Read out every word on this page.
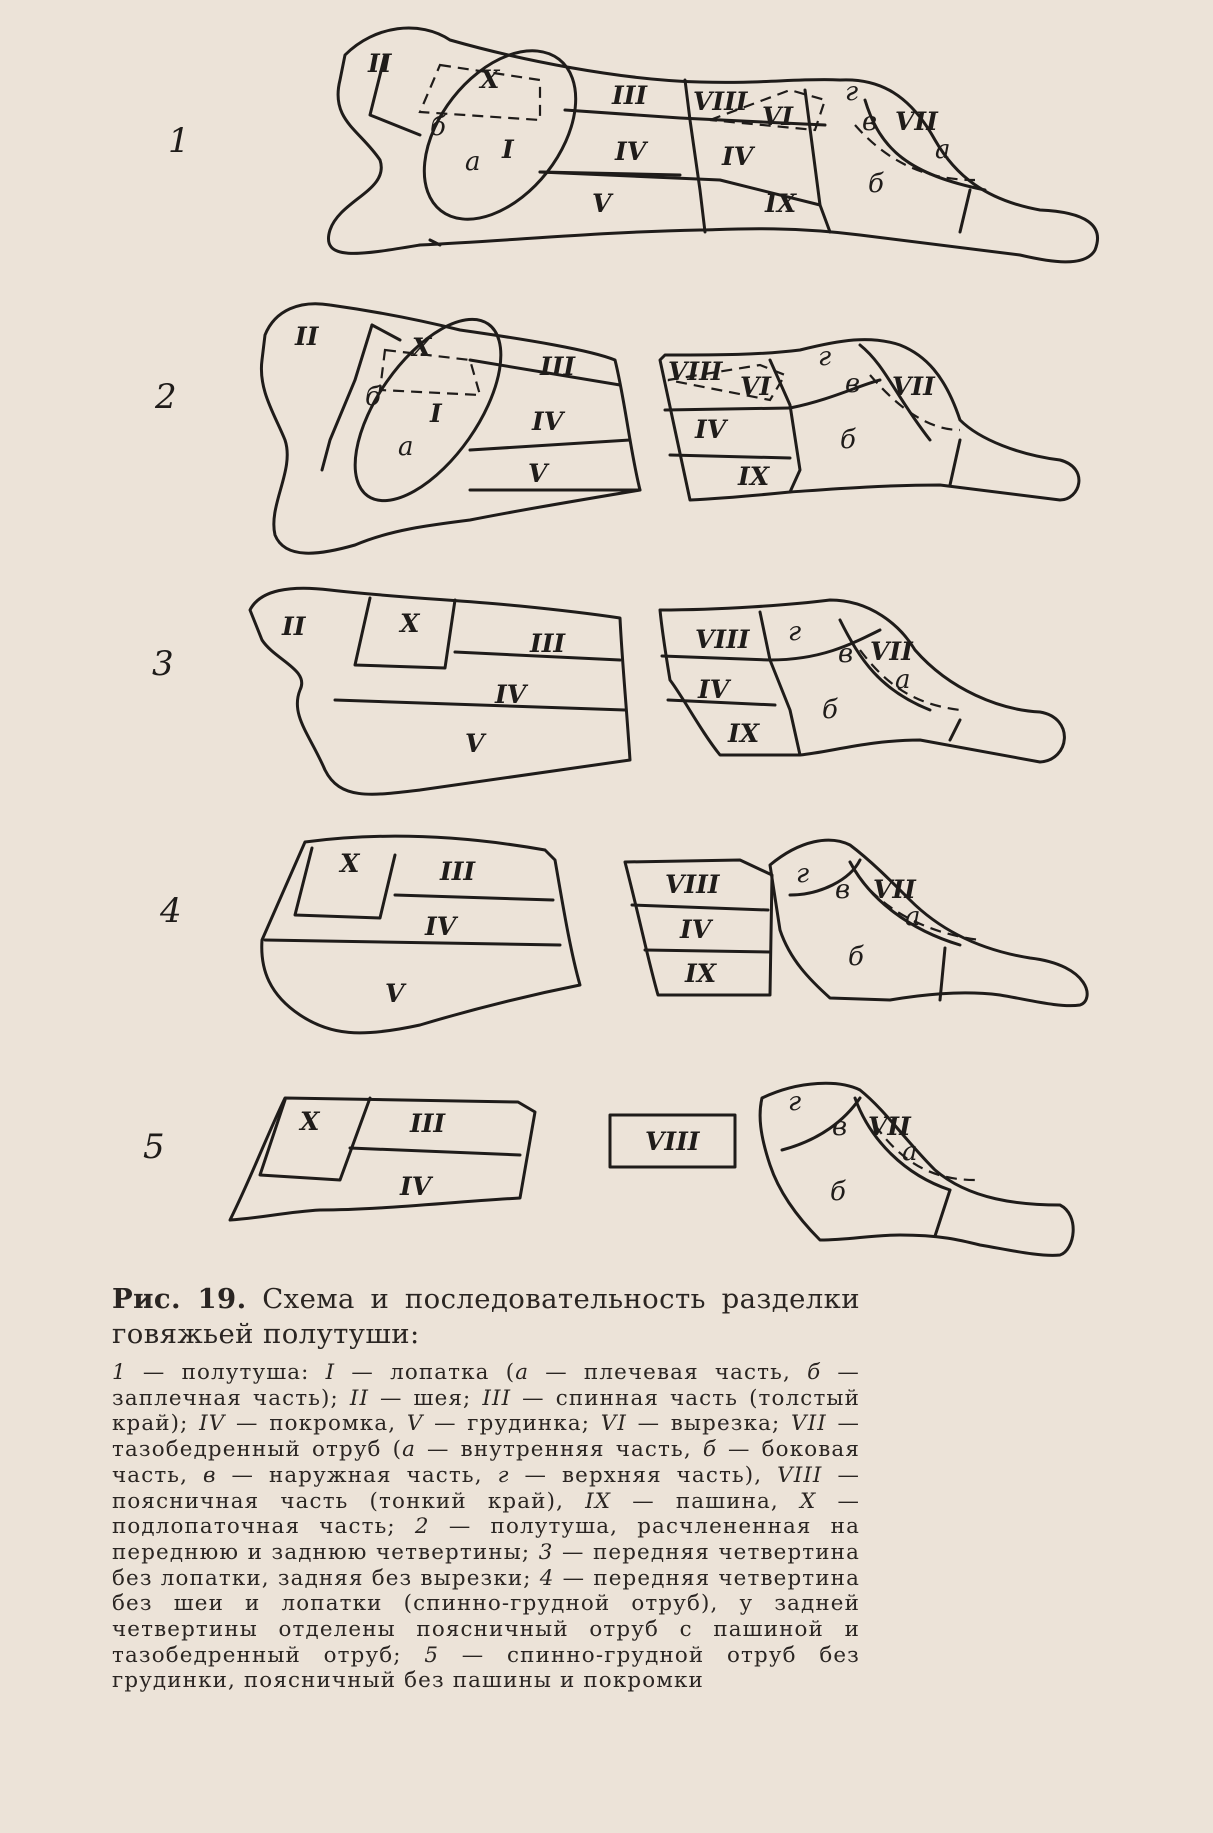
1
II
X
III VIII
VI
г
в VII
б
I
а	IV	IV	а
б
V	IX
2
II	X
III
б
I	IV
а
V
VIII
VI
г
в VII
IV	б
IX
3
II	X
III
IV
V
VIII г
в VII
а
IV
б
IX
4
X	III
IV
V
VIII
IV
IX
г
в VII
а
б
5
X	III
IV
VIII
г
в VII
а
б

Рис. 19. Схема и последовательность разделки говяжьей полутуши:

1 — полутуша: I — лопатка (а — плечевая часть, б — заплечная часть); II — шея; III — спинная часть (толстый край); IV — покромка, V — грудинка; VI — вырезка; VII — тазобедренный отруб (а — внутренняя часть, б — боковая часть, в — наружная часть, г — верхняя часть), VIII — поясничная часть (тонкий край), IX — пашина, X — подлопаточная часть; 2 — полутуша, расчлененная на переднюю и заднюю четвертины; 3 — передняя четвертина без лопатки, задняя без вырезки; 4 — передняя четвертина без шеи и лопатки (спинно-грудной отруб), у задней четвертины отделены поясничный отруб с пашиной и тазобедренный отруб; 5 — спинно-грудной отруб без грудинки, поясничный без пашины и покромки
